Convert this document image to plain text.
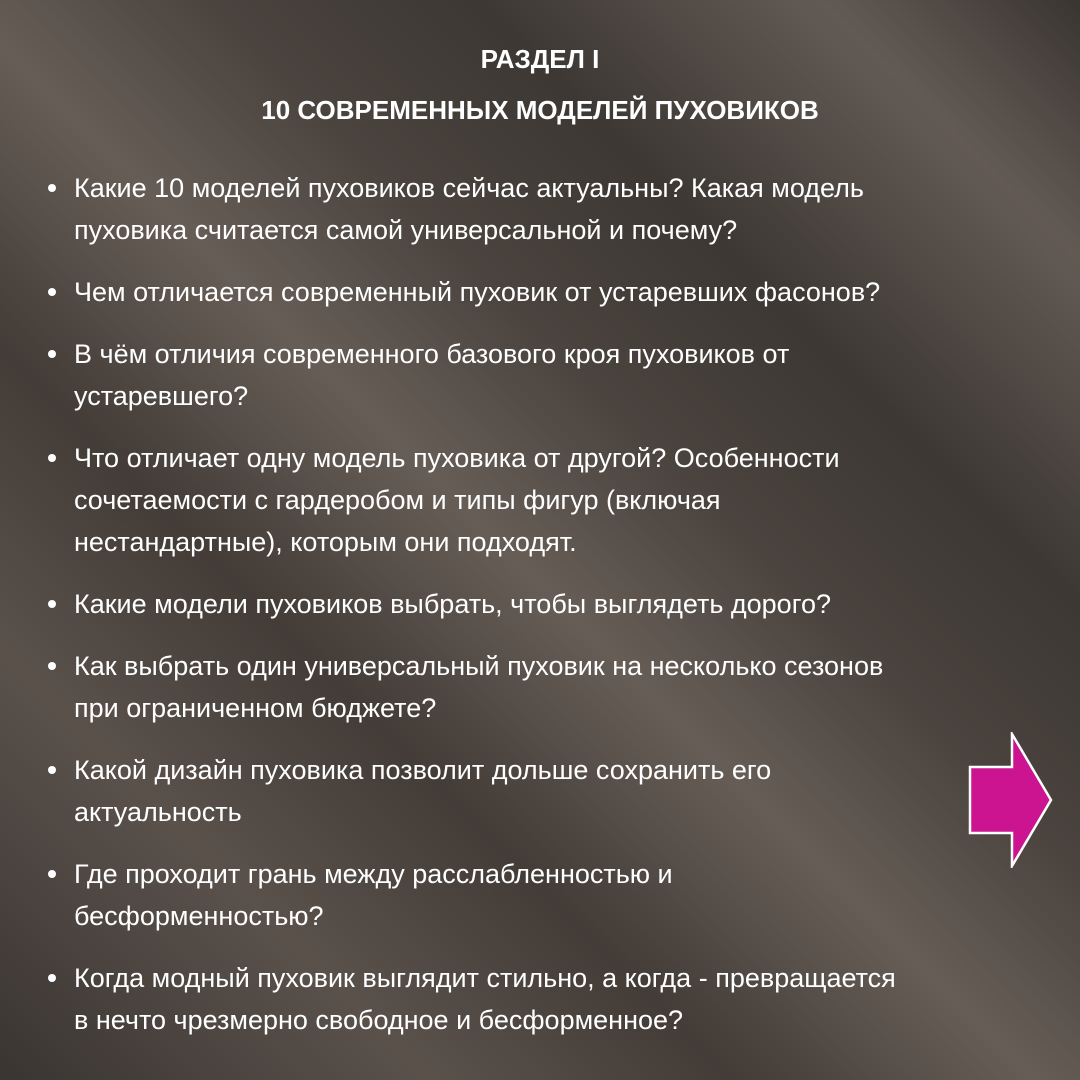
РАЗДЕЛ I
10 СОВРЕМЕННЫХ МОДЕЛЕЙ ПУХОВИКОВ
Какие 10 моделей пуховиков сейчас актуальны? Какая модель
пуховика считается самой универсальной и почему?
Чем отличается современный пуховик от устаревших фасонов?
В чём отличия современного базового кроя пуховиков от
устаревшего?
Что отличает одну модель пуховика от другой? Особенности
сочетаемости с гардеробом и типы фигур (включая
нестандартные), которым они подходят.
Какие модели пуховиков выбрать, чтобы выглядеть дорого?
Как выбрать один универсальный пуховик на несколько сезонов
при ограниченном бюджете?
Какой дизайн пуховика позволит дольше сохранить его
актуальность
Где проходит грань между расслабленностью и
бесформенностью?
Когда модный пуховик выглядит стильно, а когда - превращается
в нечто чрезмерно свободное и бесформенное?
